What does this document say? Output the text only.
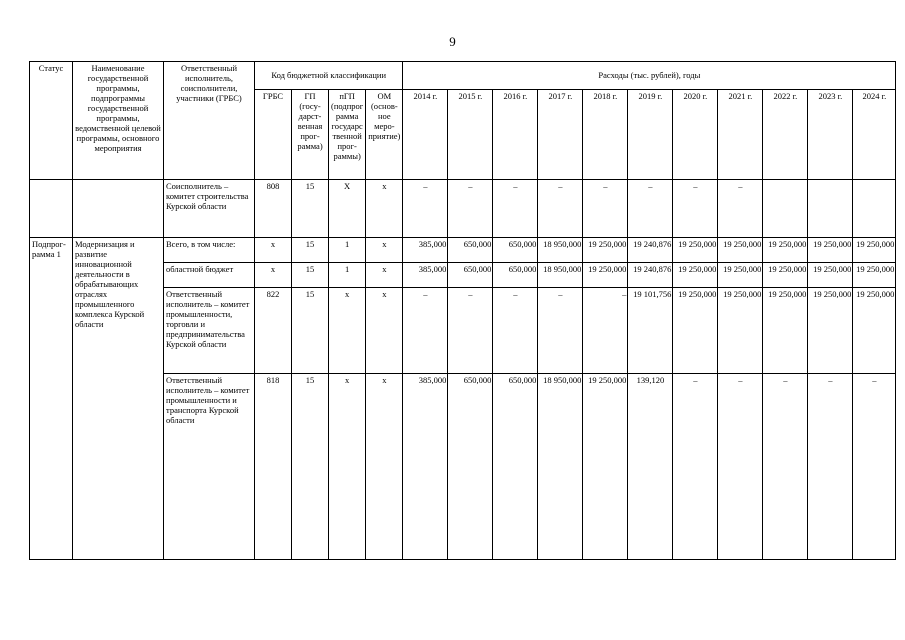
9
Статус	Наименование государственной программы, подпрограммы государственной программы, ведомственной целевой программы, основного мероприятия	Ответственный исполнитель, соисполнители, участники (ГРБС)	Код бюджетной классификации				Расходы (тыс. рублей), годы										
			ГРБС	ГП (госу-дарст-венная прог-рамма)	пГП (подпрог рамма государс твенной прог-раммы)	ОМ (основ-ное меро-приятие)	2014 г.	2015 г.	2016 г.	2017 г.	2018 г.	2019 г.	2020 г.	2021 г.	2022 г.	2023 г.	2024 г.
		Соисполнитель – комитет строительства Курской области	808	15	Х	х	–	–	–	–	–	–	–	–			
Подпрог-рамма 1	Модернизация и развитие инновационной деятельности в обрабатывающих отраслях промышленного комплекса Курской области	Всего, в том числе:	х	15	1	х	385,000	650,000	650,000	18 950,000	19 250,000	19 240,876	19 250,000	19 250,000	19 250,000	19 250,000	19 250,000
		областной бюджет	х	15	1	х	385,000	650,000	650,000	18 950,000	19 250,000	19 240,876	19 250,000	19 250,000	19 250,000	19 250,000	19 250,000
		Ответственный исполнитель – комитет промышленности, торговли и предпринимательства Курской области	822	15	х	х	–	–	–	–	–	19 101,756	19 250,000	19 250,000	19 250,000	19 250,000	19 250,000
		Ответственный исполнитель – комитет промышленности и транспорта Курской области	818	15	х	х	385,000	650,000	650,000	18 950,000	19 250,000	139,120	–	–	–	–	–
